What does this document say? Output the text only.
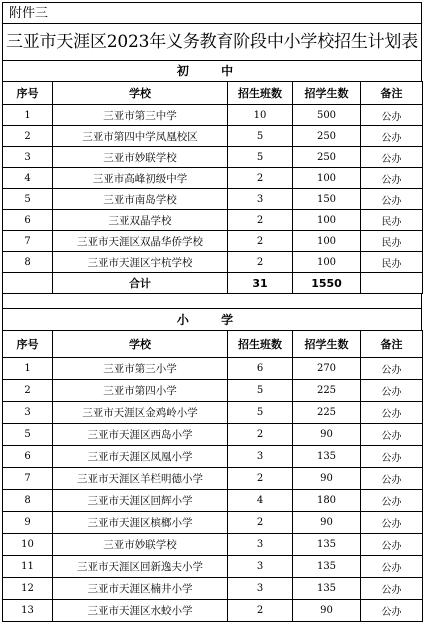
附件三
三亚市天涯区2023年义务教育阶段中小学校招生计划表
初 中
序号	学校	招生班数	招学生数	备注
1	三亚市第三中学	10	500	公办
2	三亚市第四中学凤凰校区	5	250	公办
3	三亚市妙联学校	5	250	公办
4	三亚市高峰初级中学	2	100	公办
5	三亚市南岛学校	3	150	公办
6	三亚双晶学校	2	100	民办
7	三亚市天涯区双晶华侨学校	2	100	民办
8	三亚市天涯区宇杭学校	2	100	民办
	合计	31	1550	
小 学
序号	学校	招生班数	招学生数	备注
1	三亚市第三小学	6	270	公办
2	三亚市第四小学	5	225	公办
3	三亚市天涯区金鸡岭小学	5	225	公办
5	三亚市天涯区西岛小学	2	90	公办
6	三亚市天涯区凤凰小学	3	135	公办
7	三亚市天涯区羊栏明德小学	2	90	公办
8	三亚市天涯区回辉小学	4	180	公办
9	三亚市天涯区槟榔小学	2	90	公办
10	三亚市妙联学校	3	135	公办
11	三亚市天涯区回新逸夫小学	3	135	公办
12	三亚市天涯区楠井小学	3	135	公办
13	三亚市天涯区水蛟小学	2	90	公办
